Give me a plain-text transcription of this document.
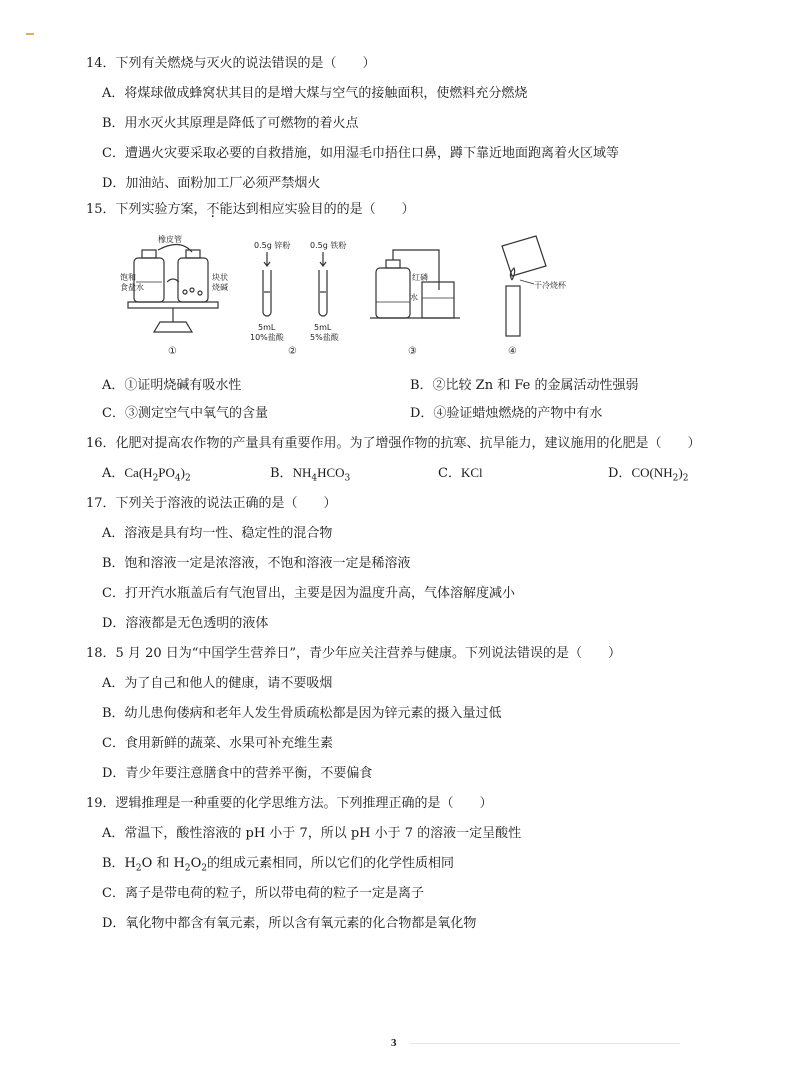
14．下列有关燃烧与灭火的说法错误的是（　　）
A．将煤球做成蜂窝状其目的是增大煤与空气的接触面积，使燃料充分燃烧
B．用水灭火其原理是降低了可燃物的着火点
C．遭遇火灾要采取必要的自救措施，如用湿毛巾捂住口鼻，蹲下靠近地面跑离着火区域等
D．加油站、面粉加工厂必须严禁烟火
15．下列实验方案，不能达到相应实验目的的是（　　）
橡皮管
饱和
食盐水
块状
烧碱
①
0.5g 锌粉 0.5g 铁粉
5mL
10%盐酸
5mL
5%盐酸
②
红磷
水
③
干冷烧杯
④
A．①证明烧碱有吸水性	B．②比较 Zn 和 Fe 的金属活动性强弱
C．③测定空气中氧气的含量	D．④验证蜡烛燃烧的产物中有水
16．化肥对提高农作物的产量具有重要作用。为了增强作物的抗寒、抗旱能力，建议施用的化肥是（　　）
A．$Ca(H_2PO_4)_2$	B．$NH_4HCO_3$	C．KCl	D．$CO(NH_2)_2$
17．下列关于溶液的说法正确的是（　　）
A．溶液是具有均一性、稳定性的混合物
B．饱和溶液一定是浓溶液，不饱和溶液一定是稀溶液
C．打开汽水瓶盖后有气泡冒出，主要是因为温度升高，气体溶解度减小
D．溶液都是无色透明的液体
18．5 月 20 日为“中国学生营养日”，青少年应关注营养与健康。下列说法错误的是（　　）
A．为了自己和他人的健康，请不要吸烟
B．幼儿患佝偻病和老年人发生骨质疏松都是因为锌元素的摄入量过低
C．食用新鲜的蔬菜、水果可补充维生素
D．青少年要注意膳食中的营养平衡，不要偏食
19．逻辑推理是一种重要的化学思维方法。下列推理正确的是（　　）
A．常温下，酸性溶液的 pH 小于 7，所以 pH 小于 7 的溶液一定呈酸性
B．$H_2O$ 和 $H_2O_2$的组成元素相同，所以它们的化学性质相同
C．离子是带电荷的粒子，所以带电荷的粒子一定是离子
D．氧化物中都含有氧元素，所以含有氧元素的化合物都是氧化物
3
